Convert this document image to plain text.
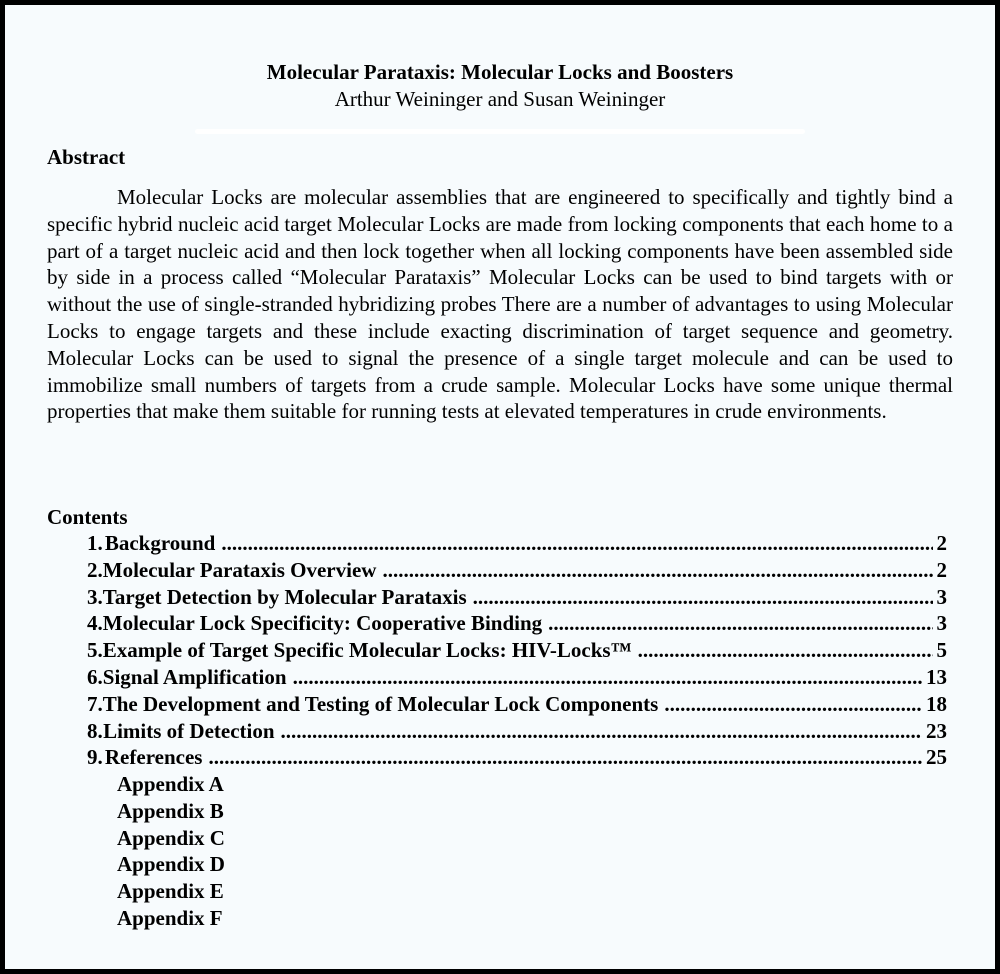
Molecular Parataxis: Molecular Locks and Boosters

Arthur Weininger and Susan Weininger

Abstract

Molecular Locks are molecular assemblies that are engineered to specifically and tightly bind a specific hybrid nucleic acid target Molecular Locks are made from locking components that each home to a part of a target nucleic acid and then lock together when all locking components have been assembled side by side in a process called “Molecular Parataxis” Molecular Locks can be used to bind targets with or without the use of single-stranded hybridizing probes There are a number of advantages to using Molecular Locks to engage targets and these include exacting discrimination of target sequence and geometry. Molecular Locks can be used to signal the presence of a single target molecule and can be used to immobilize small numbers of targets from a crude sample. Molecular Locks have some unique thermal properties that make them suitable for running tests at elevated temperatures in crude environments.

Contents
1. Background .....	2
2. Molecular Parataxis Overview .....	2
3. Target Detection by Molecular Parataxis .....	3
4. Molecular Lock Specificity: Cooperative Binding .....	3
5. Example of Target Specific Molecular Locks: HIV-Locks™ .....	5
6. Signal Amplification .....	13
7. The Development and Testing of Molecular Lock Components .....	18
8. Limits of Detection .....	23
9. References .....	25
Appendix A
Appendix B
Appendix C
Appendix D
Appendix E
Appendix F
